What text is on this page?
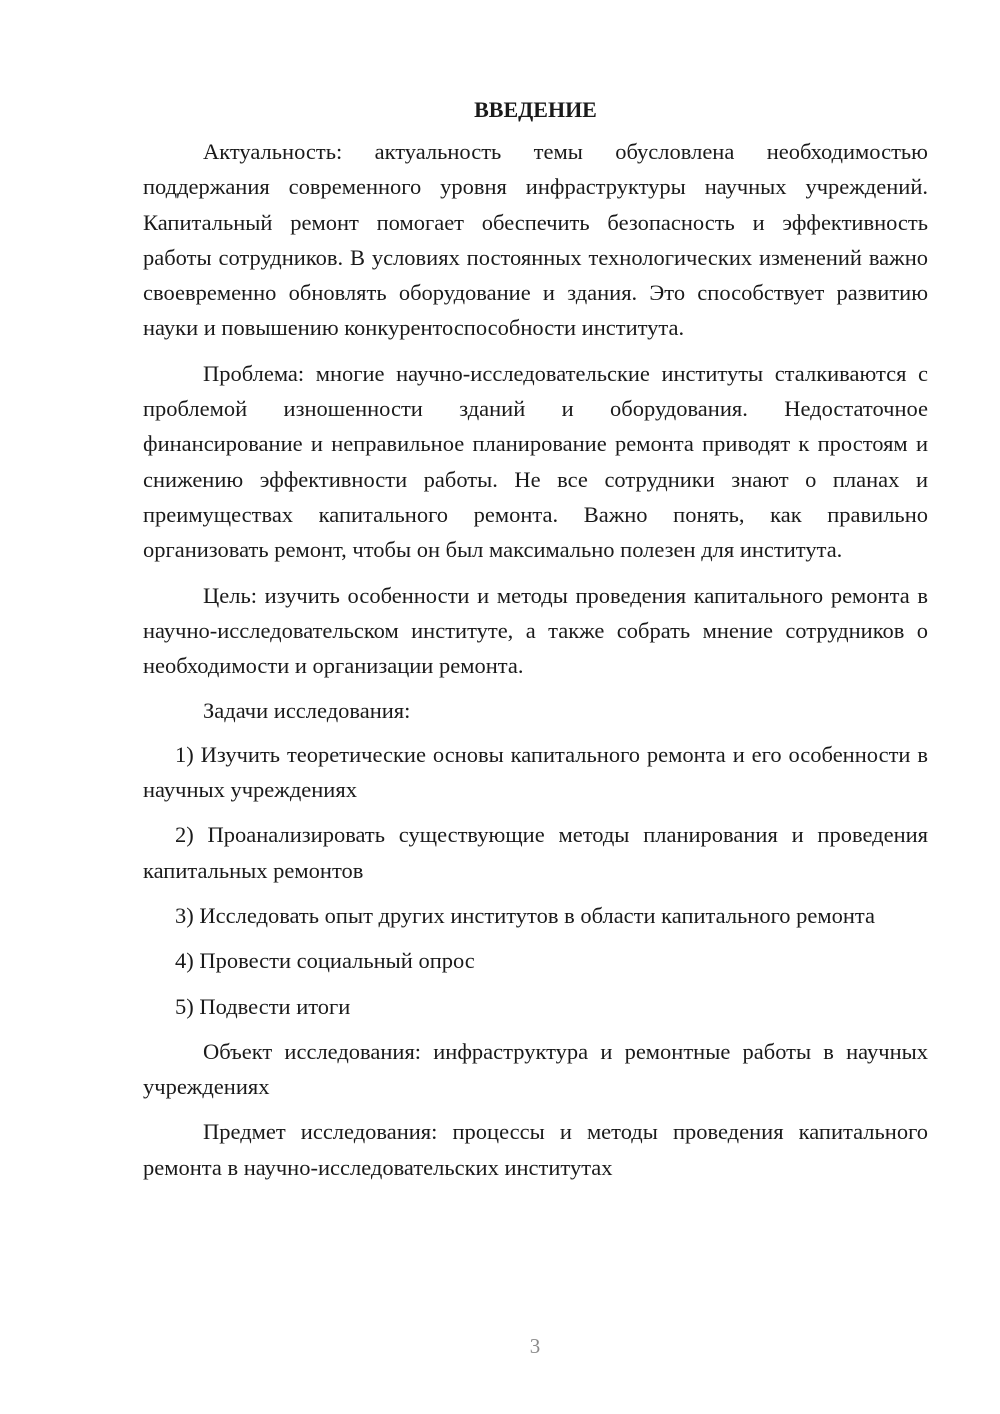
ВВЕДЕНИЕ

Актуальность: актуальность темы обусловлена необходимостью поддержания современного уровня инфраструктуры научных учреждений. Капитальный ремонт помогает обеспечить безопасность и эффективность работы сотрудников. В условиях постоянных технологических изменений важно своевременно обновлять оборудование и здания. Это способствует развитию науки и повышению конкурентоспособности института.

Проблема: многие научно-исследовательские институты сталкиваются с проблемой изношенности зданий и оборудования. Недостаточное финансирование и неправильное планирование ремонта приводят к простоям и снижению эффективности работы. Не все сотрудники знают о планах и преимуществах капитального ремонта. Важно понять, как правильно организовать ремонт, чтобы он был максимально полезен для института.

Цель: изучить особенности и методы проведения капитального ремонта в научно-исследовательском институте, а также собрать мнение сотрудников о необходимости и организации ремонта.

Задачи исследования:

1) Изучить теоретические основы капитального ремонта и его особенности в научных учреждениях

2) Проанализировать существующие методы планирования и проведения капитальных ремонтов

3) Исследовать опыт других институтов в области капитального ремонта

4) Провести социальный опрос

5) Подвести итоги

Объект исследования: инфраструктура и ремонтные работы в научных учреждениях

Предмет исследования: процессы и методы проведения капитального ремонта в научно-исследовательских институтах

3
